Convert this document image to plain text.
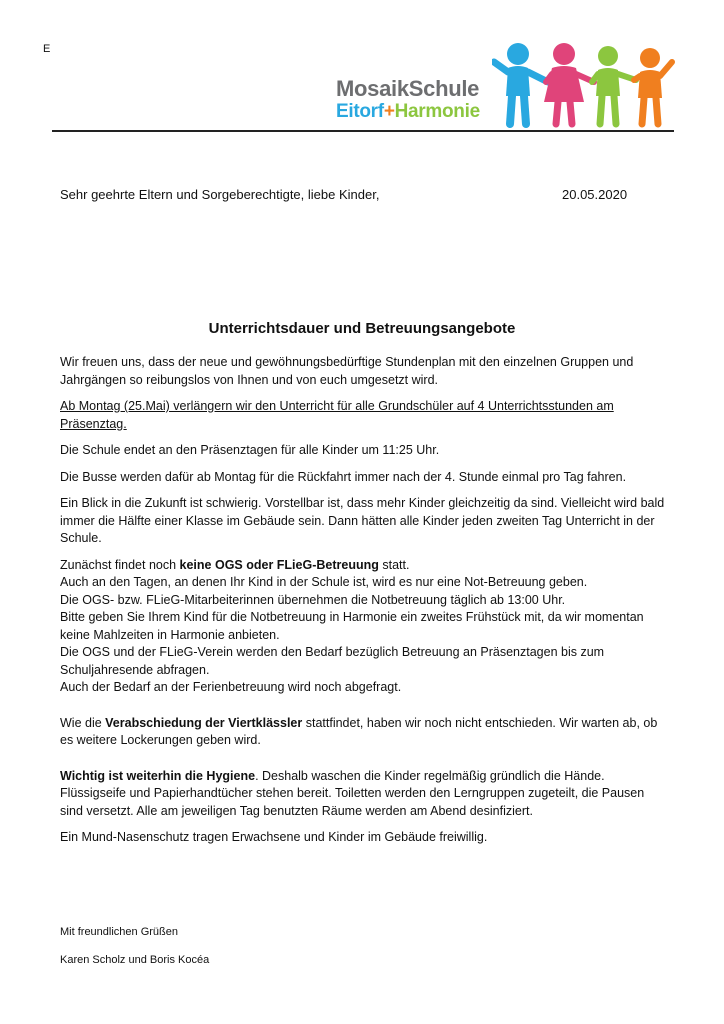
E
MosaikSchule
Eitorf+Harmonie
Sehr geehrte Eltern und Sorgeberechtigte, liebe Kinder,	20.05.2020
Unterrichtsdauer und Betreuungsangebote

Wir freuen uns, dass der neue und gewöhnungsbedürftige Stundenplan mit den einzelnen Gruppen und Jahrgängen so reibungslos von Ihnen und von euch umgesetzt wird.

Ab Montag (25.Mai) verlängern wir den Unterricht für alle Grundschüler auf 4 Unterrichtsstunden am Präsenztag.

Die Schule endet an den Präsenztagen für alle Kinder um 11:25 Uhr.

Die Busse werden dafür ab Montag für die Rückfahrt immer nach der 4. Stunde einmal pro Tag fahren.

Ein Blick in die Zukunft ist schwierig. Vorstellbar ist, dass mehr Kinder gleichzeitig da sind. Vielleicht wird bald immer die Hälfte einer Klasse im Gebäude sein. Dann hätten alle Kinder jeden zweiten Tag Unterricht in der Schule.

Zunächst findet noch keine OGS oder FLieG-Betreuung statt.
Auch an den Tagen, an denen Ihr Kind in der Schule ist, wird es nur eine Not-Betreuung geben.
Die OGS- bzw. FLieG-Mitarbeiterinnen übernehmen die Notbetreuung täglich ab 13:00 Uhr.
Bitte geben Sie Ihrem Kind für die Notbetreuung in Harmonie ein zweites Frühstück mit, da wir momentan keine Mahlzeiten in Harmonie anbieten.
Die OGS und der FLieG-Verein werden den Bedarf bezüglich Betreuung an Präsenztagen bis zum Schuljahresende abfragen.
Auch der Bedarf an der Ferienbetreuung wird noch abgefragt.

Wie die Verabschiedung der Viertklässler stattfindet, haben wir noch nicht entschieden. Wir warten ab, ob es weitere Lockerungen geben wird.

Wichtig ist weiterhin die Hygiene. Deshalb waschen die Kinder regelmäßig gründlich die Hände. Flüssigseife und Papierhandtücher stehen bereit. Toiletten werden den Lerngruppen zugeteilt, die Pausen sind versetzt. Alle am jeweiligen Tag benutzten Räume werden am Abend desinfiziert.

Ein Mund-Nasenschutz tragen Erwachsene und Kinder im Gebäude freiwillig.

Mit freundlichen Grüßen
Karen Scholz und Boris Kocéa
